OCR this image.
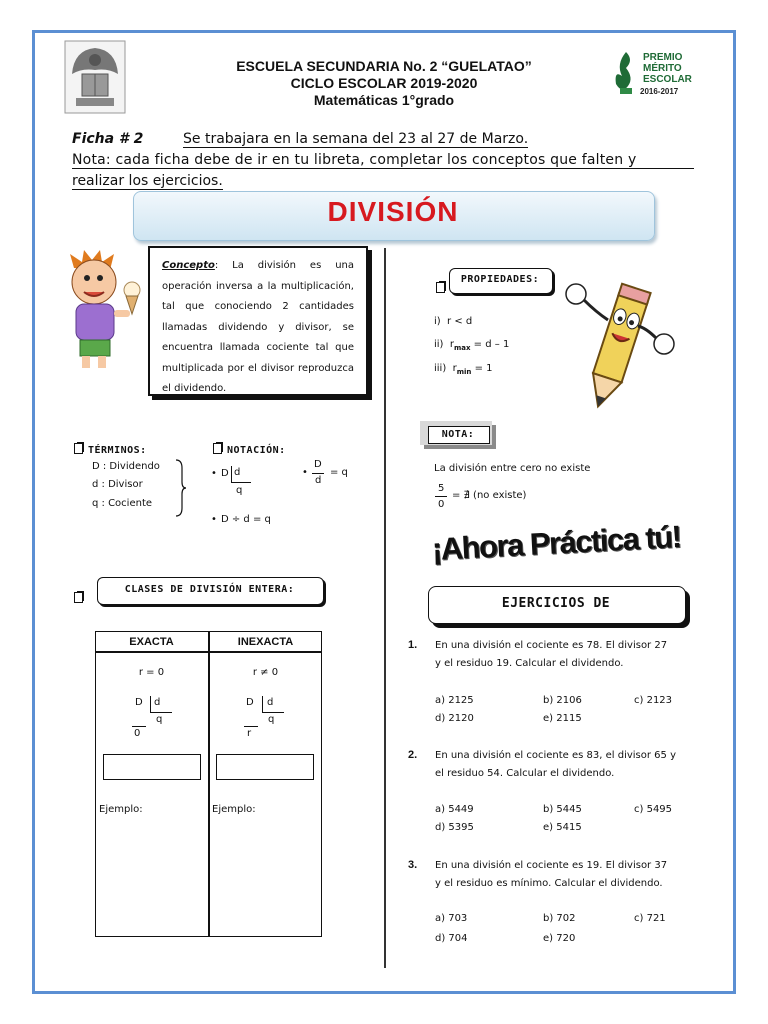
PREMIO
MÉRITO
ESCOLAR
2016-2017
ESCUELA SECUNDARIA No. 2 “GUELATAO”
CICLO ESCOLAR 2019-2020
Matemáticas 1°grado
Ficha # 2	Se trabajara en la semana del 23 al 27 de Marzo.
Nota: cada ficha debe de ir en tu libreta, completar los conceptos que falten y
realizar los ejercicios.
DIVISIÓN
Concepto: La división es una operación inversa a la multiplicación, tal que conociendo 2 cantidades llamadas dividendo y divisor, se encuentra llamada cociente tal que multiplicada por el divisor reproduzca el dividendo.
TÉRMINOS:
D : Dividendo
d : Divisor
q : Cociente
NOTACIÓN:
• D d
q
•
D
d
= q
• D ÷ d = q

CLASES DE DIVISIÓN ENTERA:
EXACTA	INEXACTA
r = 0	r ≠ 0
D d
q
0
D d
q
r
Ejemplo:	Ejemplo:
PROPIEDADES:
i) r < d
ii) $r_{max} = d - 1$
iii) $r_{min} = 1$
NOTA:
La división entre cero no existe
5
0
= ∄ (no existe)
¡Ahora Práctica tú!
EJERCICIOS DE
1. En una división el cociente es 78. El divisor 27
y el residuo 19. Calcular el dividendo.
a) 2125	b) 2106	c) 2123
d) 2120	e) 2115
2. En una división el cociente es 83, el divisor 65 y
el residuo 54. Calcular el dividendo.
a) 5449	b) 5445	c) 5495
d) 5395	e) 5415
3. En una división el cociente es 19. El divisor 37
y el residuo es mínimo. Calcular el dividendo.
a) 703	b) 702	c) 721
d) 704	e) 720
